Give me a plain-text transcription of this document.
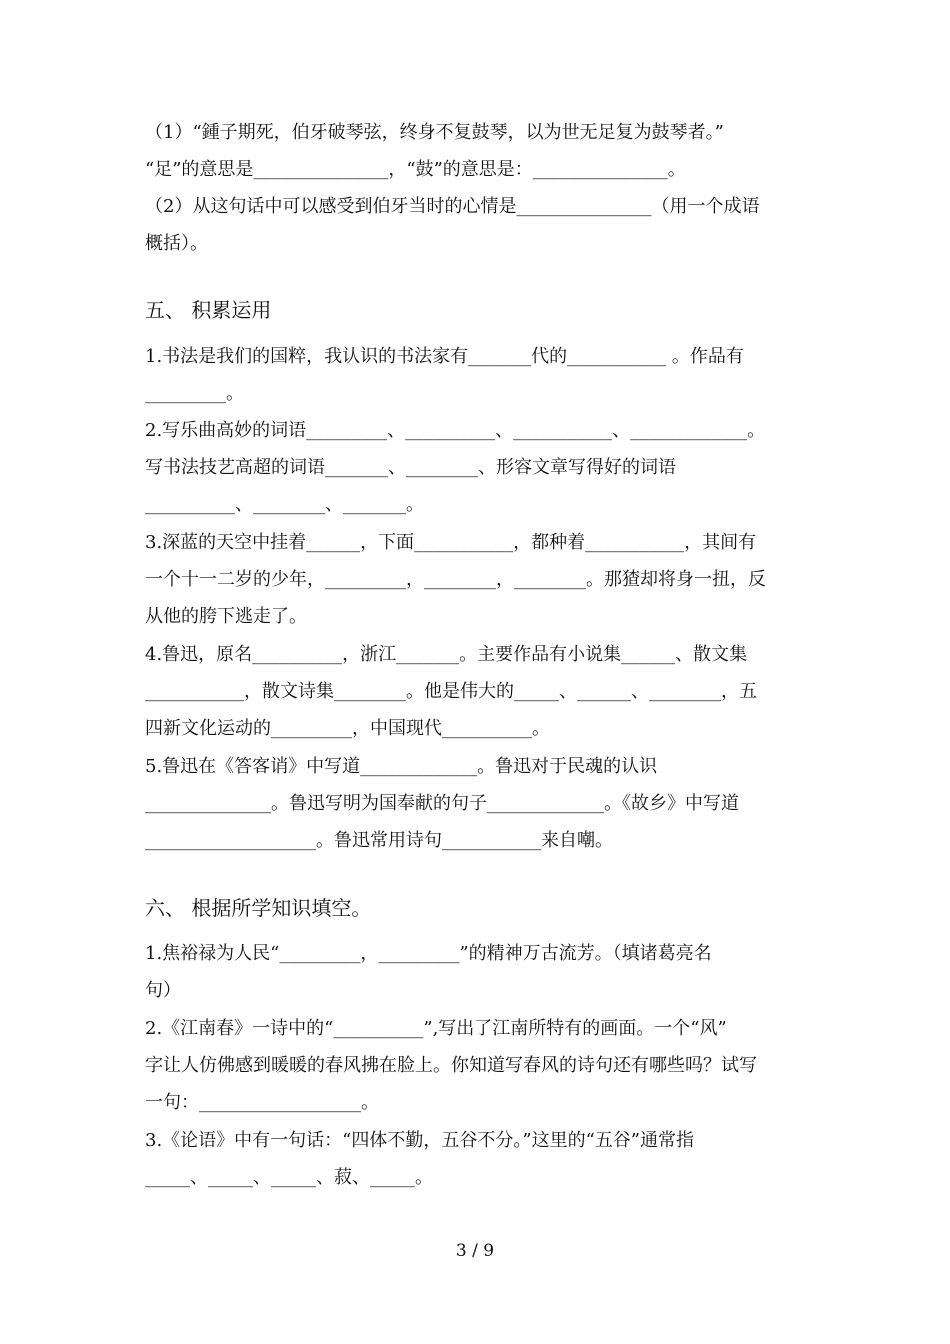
（1）“鍾子期死，伯牙破琴弦，终身不复鼓琴，以为世无足复为鼓琴者。”
“足”的意思是_______________，“鼓”的意思是：_______________。
（2）从这句话中可以感受到伯牙当时的心情是_______________（用一个成语
概括）。
五、 积累运用
1.书法是我们的国粹，我认识的书法家有_______代的___________ 。作品有
_________。
2.写乐曲高妙的词语_________、__________、___________、_____________。
写书法技艺高超的词语_______、________、形容文章写得好的词语
__________、________、_______。
3.深蓝的天空中挂着______，下面___________，都种着___________，其间有
一个十一二岁的少年，_________，________，________。那猹却将身一扭，反
从他的胯下逃走了。
4.鲁迅，原名__________，浙江_______。主要作品有小说集______、散文集
___________，散文诗集________。他是伟大的_____、______、________，五
四新文化运动的_________，中国现代__________。
5.鲁迅在《答客诮》中写道_____________。鲁迅对于民魂的认识
______________。鲁迅写明为国奉献的句子_____________。《故乡》中写道
___________________。鲁迅常用诗句___________来自嘲。
六、 根据所学知识填空。
1.焦裕禄为人民“_________，_________”的精神万古流芳。（填诸葛亮名
句）
2.《江南春》一诗中的“__________”,写出了江南所特有的画面。一个“风”
字让人仿佛感到暖暖的春风拂在脸上。你知道写春风的诗句还有哪些吗？试写
一句：__________________。
3.《论语》中有一句话：“四体不勤，五谷不分。”这里的“五谷”通常指
_____、_____、_____、菽、_____。
3 / 9
